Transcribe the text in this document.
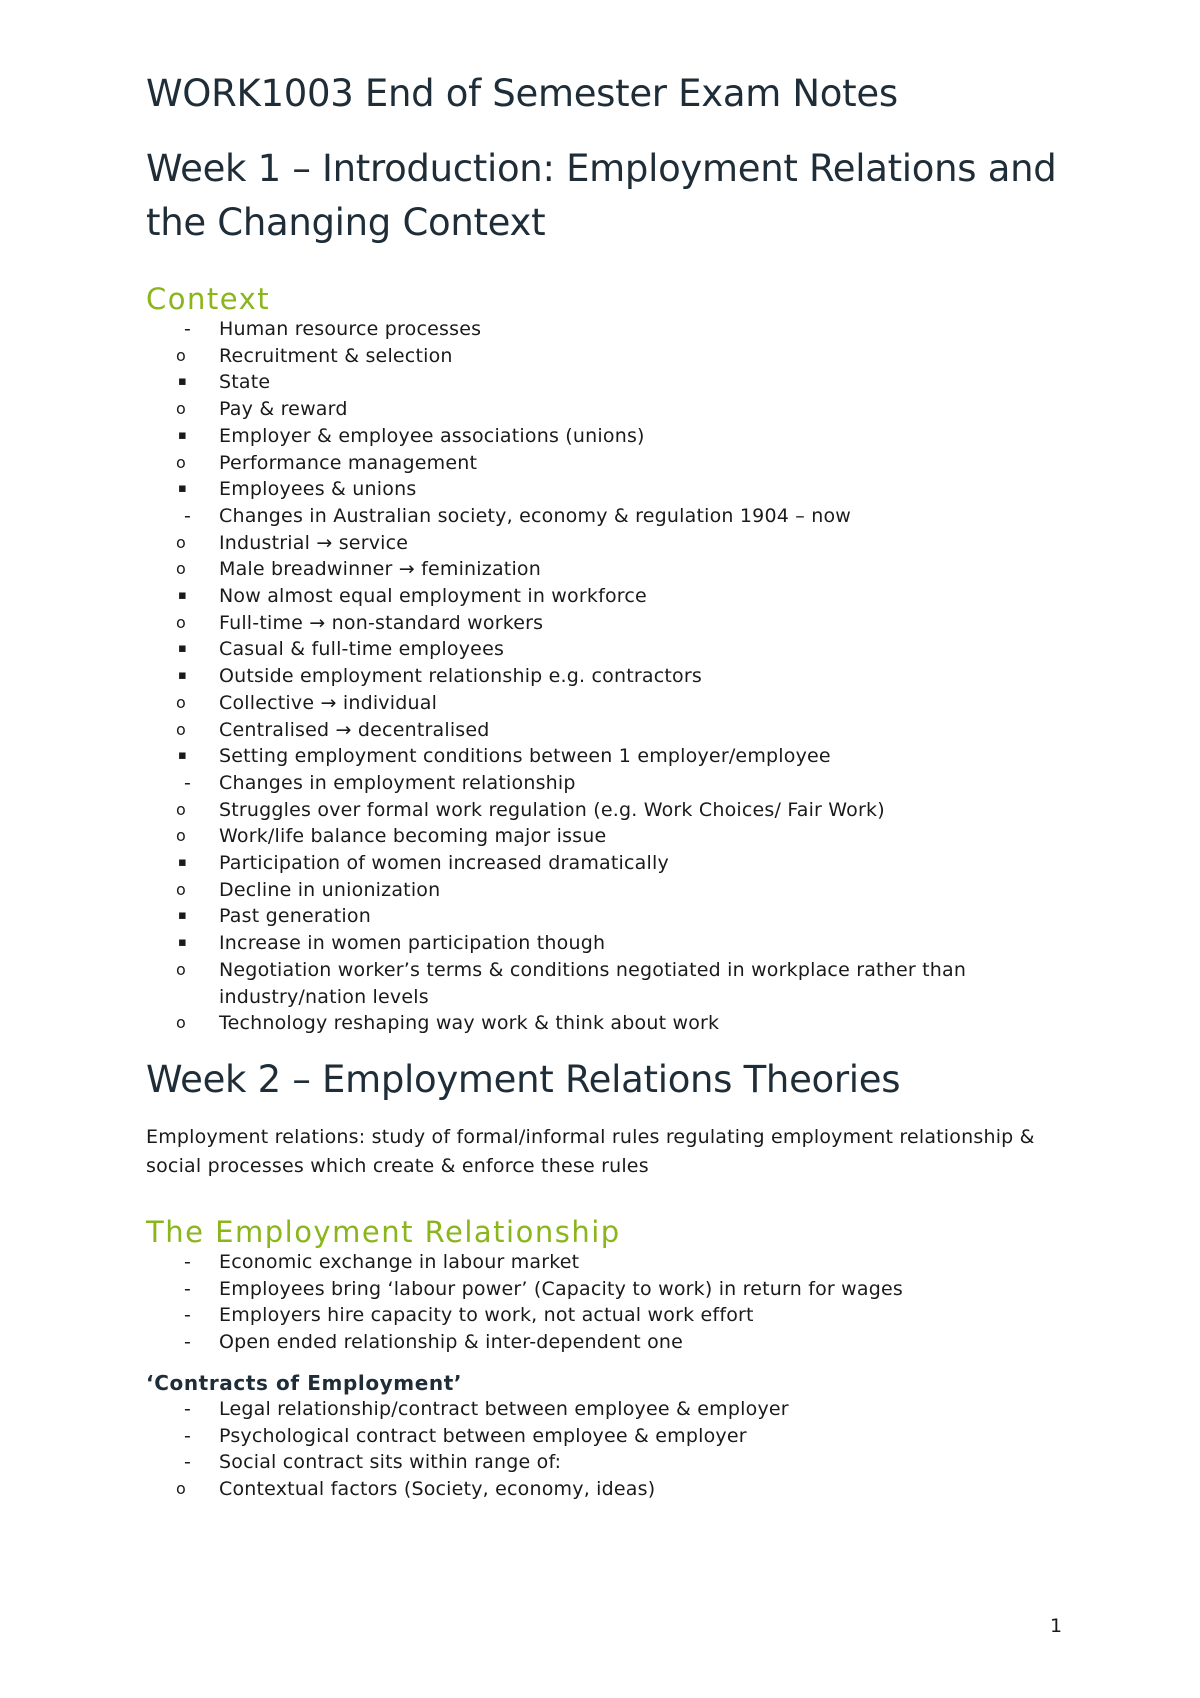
WORK1003 End of Semester Exam Notes
Week 1 – Introduction: Employment Relations and the Changing Context
Context
- Human resource processes
o Recruitment & selection
▪ State
o Pay & reward
▪ Employer & employee associations (unions)
o Performance management
▪ Employees & unions
- Changes in Australian society, economy & regulation 1904 – now
o Industrial → service
o Male breadwinner → feminization
▪ Now almost equal employment in workforce
o Full-time → non-standard workers
▪ Casual & full-time employees
▪ Outside employment relationship e.g. contractors
o Collective → individual
o Centralised → decentralised
▪ Setting employment conditions between 1 employer/employee
- Changes in employment relationship
o Struggles over formal work regulation (e.g. Work Choices/ Fair Work)
o Work/life balance becoming major issue
▪ Participation of women increased dramatically
o Decline in unionization
▪ Past generation
▪ Increase in women participation though
o Negotiation worker’s terms & conditions negotiated in workplace rather than industry/nation levels
o Technology reshaping way work & think about work
Week 2 – Employment Relations Theories
Employment relations: study of formal/informal rules regulating employment relationship & social processes which create & enforce these rules
The Employment Relationship
- Economic exchange in labour market
- Employees bring ‘labour power’ (Capacity to work) in return for wages
- Employers hire capacity to work, not actual work effort
- Open ended relationship & inter-dependent one
‘Contracts of Employment’
- Legal relationship/contract between employee & employer
- Psychological contract between employee & employer
- Social contract sits within range of:
o Contextual factors (Society, economy, ideas)
1
